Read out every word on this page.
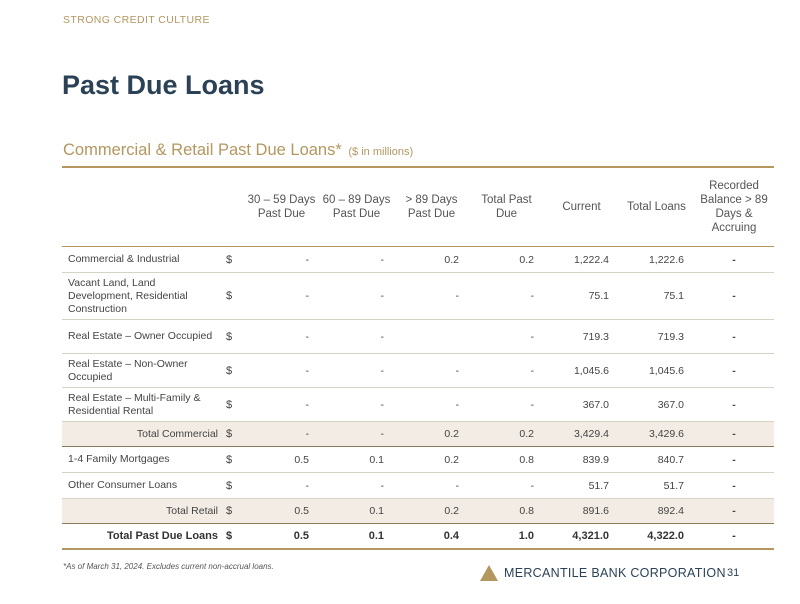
STRONG CREDIT CULTURE
Past Due Loans
Commercial & Retail Past Due Loans* ($ in millions)
		30 – 59 Days Past Due	60 – 89 Days Past Due	> 89 Days Past Due	Total Past Due	Current	Total Loans	Recorded Balance > 89 Days & Accruing
Commercial & Industrial	$	-	-	0.2	0.2	1,222.4	1,222.6	-
Vacant Land, Land Development, Residential Construction	$	-	-	-	-	75.1	75.1	-
Real Estate – Owner Occupied	$	-	-		-	719.3	719.3	-
Real Estate – Non-Owner Occupied	$	-	-	-	-	1,045.6	1,045.6	-
Real Estate – Multi-Family & Residential Rental	$	-	-	-	-	367.0	367.0	-
Total Commercial	$	-	-	0.2	0.2	3,429.4	3,429.6	-
1-4 Family Mortgages	$	0.5	0.1	0.2	0.8	839.9	840.7	-
Other Consumer Loans	$	-	-	-	-	51.7	51.7	-
Total Retail	$	0.5	0.1	0.2	0.8	891.6	892.4	-
Total Past Due Loans	$	0.5	0.1	0.4	1.0	4,321.0	4,322.0	-
*As of March 31, 2024. Excludes current non-accrual loans.	MERCANTILE BANK CORPORATION 31
